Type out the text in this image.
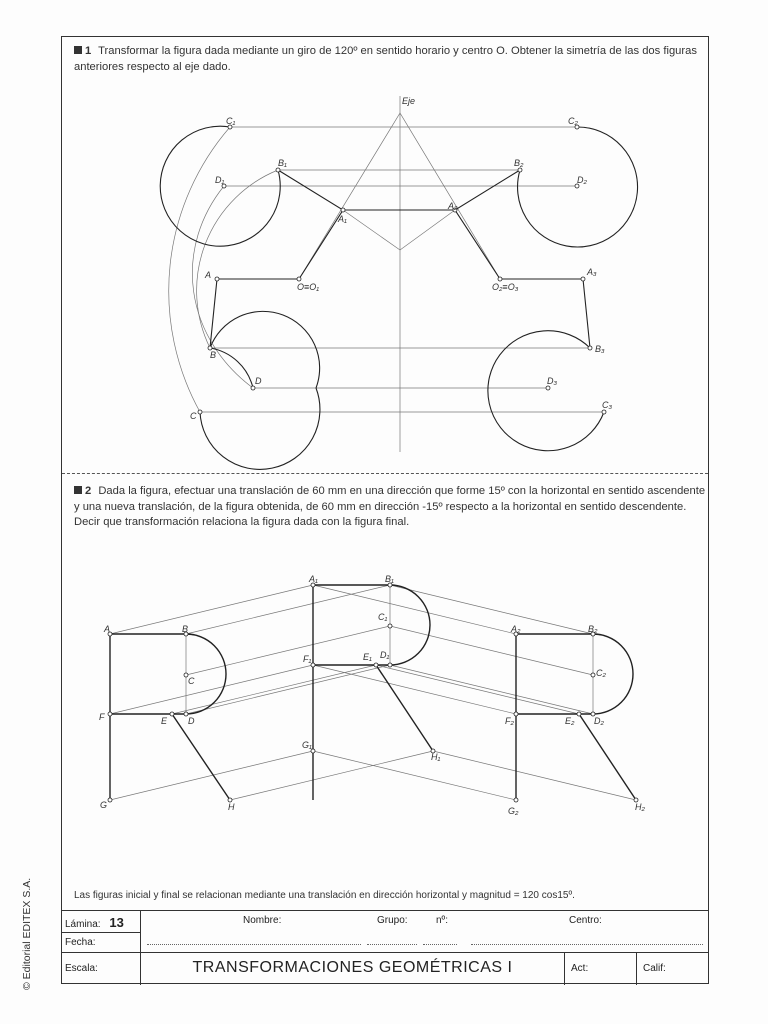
1 Transformar la figura dada mediante un giro de 120º en sentido horario y centro O. Obtener la simetría de las dos figuras anteriores respecto al eje dado.
Eje
C₁	C₂
B₁	B₂
D₁	D₂
A₁
A₂
A	A₃
O≡O₁	O₂≡O₃
B
B₃
D	D₃
C
C₃
2 Dada la figura, efectuar una translación de 60 mm en una dirección que forme 15º con la horizontal en sentido ascendente y una nueva translación, de la figura obtenida, de 60 mm en dirección -15º respecto a la horizontal en sentido descendente. Decir que transformación relaciona la figura dada con la figura final.
A	B
C
F	E D
G	H
A₁	B₁
C₁
F₁	E₁ D₁
G₁
H₁
A₂	B₂
C₂
F₂	E₂ D₂
G₂	H₂
Las figuras inicial y final se relacionan mediante una translación en dirección horizontal y magnitud = 120 cos15º.
Lámina: 13
Fecha:
Escala:
Nombre:	Grupo:	nº:	Centro:
TRANSFORMACIONES GEOMÉTRICAS I	Act:	Calif:
© Editorial EDITEX S.A.
